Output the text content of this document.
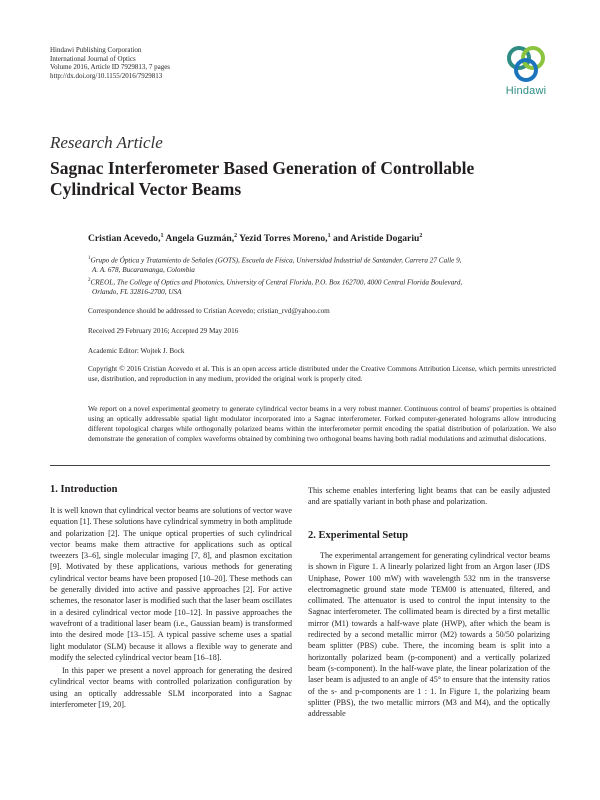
Hindawi Publishing Corporation
International Journal of Optics
Volume 2016, Article ID 7929813, 7 pages
http://dx.doi.org/10.1155/2016/7929813
Hindawi
Research Article
Sagnac Interferometer Based Generation of Controllable Cylindrical Vector Beams
Cristian Acevedo,$^1$ Angela Guzmán,$^2$ Yezid Torres Moreno,$^1$ and Aristide Dogariu$^2$
$^1$Grupo de Óptica y Tratamiento de Señales (GOTS), Escuela de Física, Universidad Industrial de Santander, Carrera 27 Calle 9,
A. A. 678, Bucaramanga, Colombia
$^2$CREOL, The College of Optics and Photonics, University of Central Florida, P.O. Box 162700, 4000 Central Florida Boulevard,
Orlando, FL 32816-2700, USA
Correspondence should be addressed to Cristian Acevedo; cristian_rvd@yahoo.com
Received 29 February 2016; Accepted 29 May 2016
Academic Editor: Wojtek J. Bock
Copyright © 2016 Cristian Acevedo et al. This is an open access article distributed under the Creative Commons Attribution License, which permits unrestricted use, distribution, and reproduction in any medium, provided the original work is properly cited.
We report on a novel experimental geometry to generate cylindrical vector beams in a very robust manner. Continuous control of beams' properties is obtained using an optically addressable spatial light modulator incorporated into a Sagnac interferometer. Forked computer-generated holograms allow introducing different topological charges while orthogonally polarized beams within the interferometer permit encoding the spatial distribution of polarization. We also demonstrate the generation of complex waveforms obtained by combining two orthogonal beams having both radial modulations and azimuthal dislocations.
1. Introduction

It is well known that cylindrical vector beams are solutions of vector wave equation [1]. These solutions have cylindrical symmetry in both amplitude and polarization [2]. The unique optical properties of such cylindrical vector beams make them attractive for applications such as optical tweezers [3–6], single molecular imaging [7, 8], and plasmon excitation [9]. Motivated by these applications, various methods for generating cylindrical vector beams have been proposed [10–20]. These methods can be generally divided into active and passive approaches [2]. For active schemes, the resonator laser is modified such that the laser beam oscillates in a desired cylindrical vector mode [10–12]. In passive approaches the wavefront of a traditional laser beam (i.e., Gaussian beam) is transformed into the desired mode [13–15]. A typical passive scheme uses a spatial light modulator (SLM) because it allows a flexible way to generate and modify the selected cylindrical vector beam [16–18].

In this paper we present a novel approach for generating the desired cylindrical vector beams with controlled polarization configuration by using an optically addressable SLM incorporated into a Sagnac interferometer [19, 20].

This scheme enables interfering light beams that can be easily adjusted and are spatially variant in both phase and polarization.

2. Experimental Setup

The experimental arrangement for generating cylindrical vector beams is shown in Figure 1. A linearly polarized light from an Argon laser (JDS Uniphase, Power 100 mW) with wavelength 532 nm in the transverse electromagnetic ground state mode TEM00 is attenuated, filtered, and collimated. The attenuator is used to control the input intensity to the Sagnac interferometer. The collimated beam is directed by a first metallic mirror (M1) towards a half-wave plate (HWP), after which the beam is redirected by a second metallic mirror (M2) towards a 50/50 polarizing beam splitter (PBS) cube. There, the incoming beam is split into a horizontally polarized beam (p-component) and a vertically polarized beam (s-component). In the half-wave plate, the linear polarization of the laser beam is adjusted to an angle of 45° to ensure that the intensity ratios of the s- and p-components are 1 : 1. In Figure 1, the polarizing beam splitter (PBS), the two metallic mirrors (M3 and M4), and the optically addressable
